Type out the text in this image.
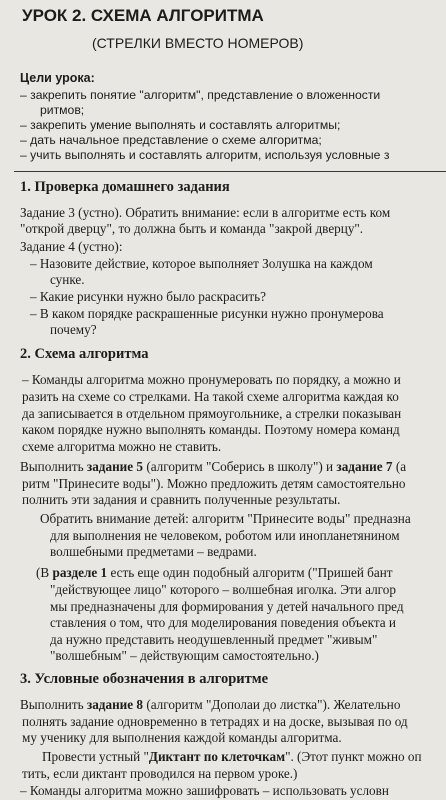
УРОК 2. СХЕМА АЛГОРИТМА
(СТРЕЛКИ ВМЕСТО НОМЕРОВ)
Цели урока:
– закрепить понятие "алгоритм", представление о вложенности
ритмов;
– закрепить умение выполнять и составлять алгоритмы;
– дать начальное представление о схеме алгоритма;
– учить выполнять и составлять алгоритм, используя условные з
1. Проверка домашнего задания
Задание 3 (устно). Обратить внимание: если в алгоритме есть ком
"открой дверцу", то должна быть и команда "закрой дверцу".
Задание 4 (устно):
– Назовите действие, которое выполняет Золушка на каждом
сунке.
– Какие рисунки нужно было раскрасить?
– В каком порядке раскрашенные рисунки нужно пронумерова
почему?
2. Схема алгоритма
– Команды алгоритма можно пронумеровать по порядку, а можно и
разить на схеме со стрелками. На такой схеме алгоритма каждая ко
да записывается в отдельном прямоугольнике, а стрелки показыван
каком порядке нужно выполнять команды. Поэтому номера команд
схеме алгоритма можно не ставить.
Выполнить задание 5 (алгоритм "Соберись в школу") и задание 7 (а
ритм "Принесите воды"). Можно предложить детям самостоятельно
полнить эти задания и сравнить полученные результаты.
Обратить внимание детей: алгоритм "Принесите воды" предназна
для выполнения не человеком, роботом или инопланетянином
волшебными предметами – ведрами.
(В разделе 1 есть еще один подобный алгоритм ("Пришей бант
"действующее лицо" которого – волшебная иголка. Эти алгор
мы предназначены для формирования у детей начального пред
ставления о том, что для моделирования поведения объекта и
да нужно представить неодушевленный предмет "живым"
"волшебным" – действующим самостоятельно.)
3. Условные обозначения в алгоритме
Выполнить задание 8 (алгоритм "Дополаи до листка"). Желательно
полнять задание одновременно в тетрадях и на доске, вызывая по од
му ученику для выполнения каждой команды алгоритма.
Провести устный "Диктант по клеточкам". (Этот пункт можно оп
тить, если диктант проводился на первом уроке.)
– Команды алгоритма можно зашифровать – использовать условн
